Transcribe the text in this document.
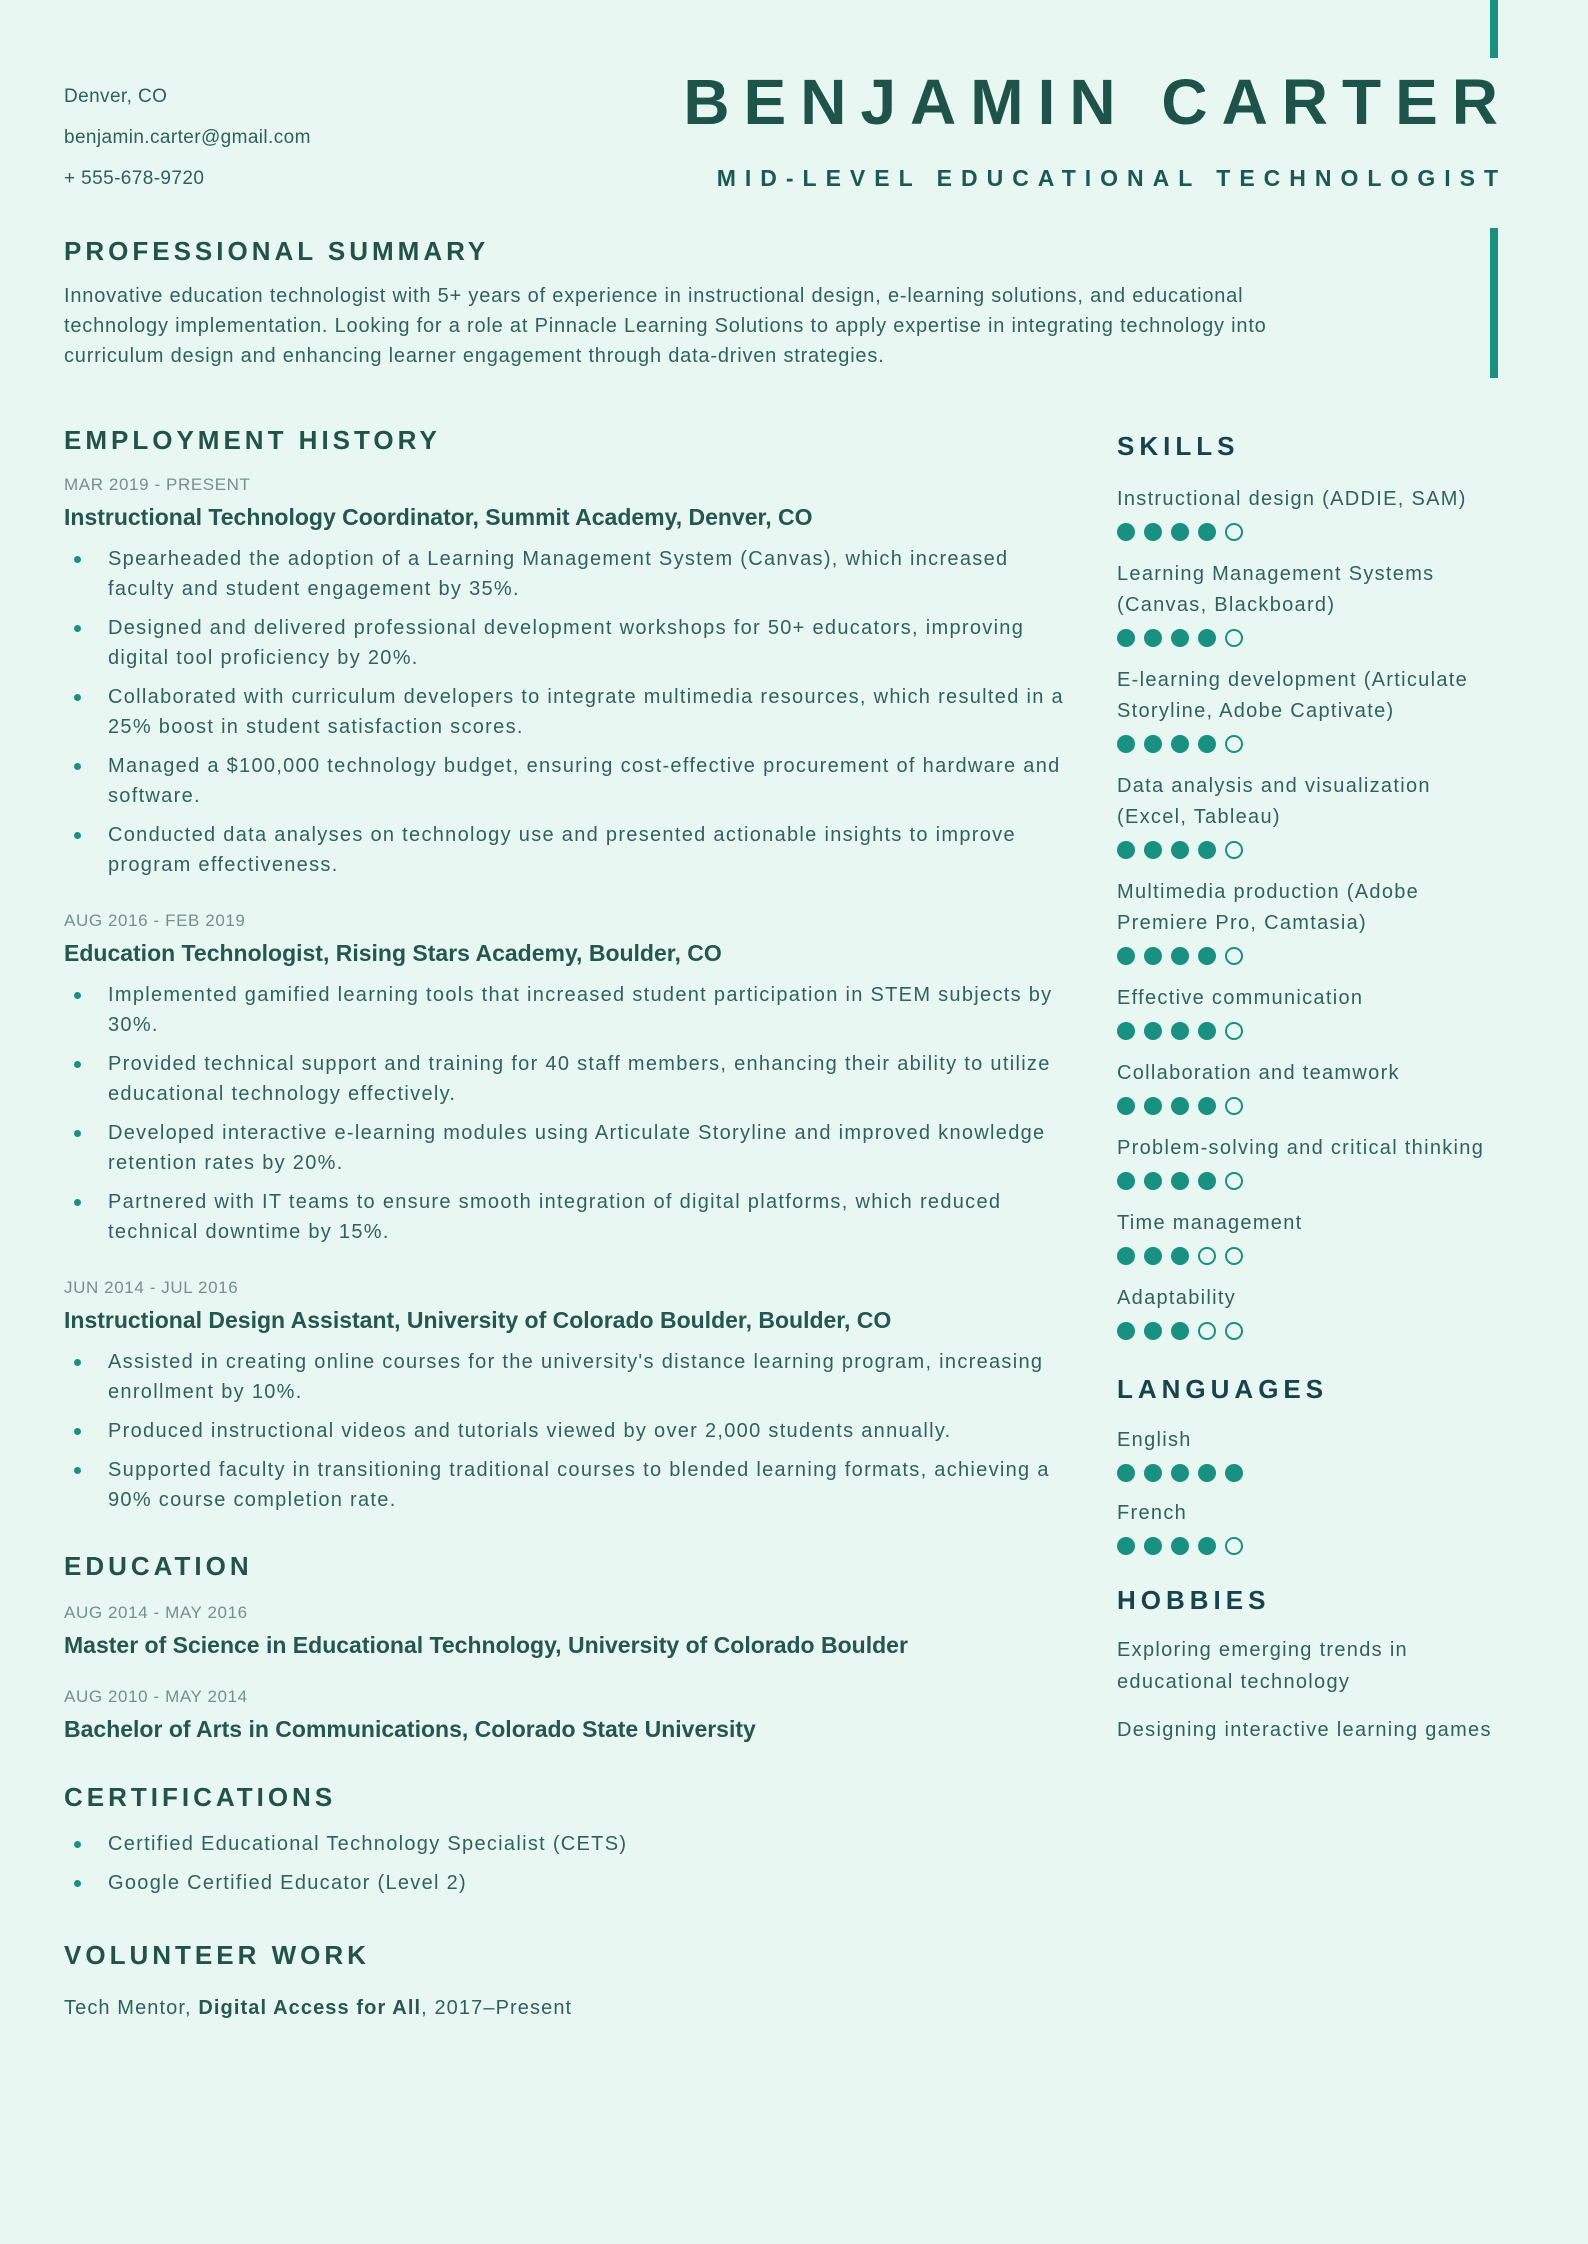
Denver, CO
benjamin.carter@gmail.com
+ 555-678-9720
BENJAMIN CARTER
MID-LEVEL EDUCATIONAL TECHNOLOGIST
PROFESSIONAL SUMMARY

Innovative education technologist with 5+ years of experience in instructional design, e-learning solutions, and educational technology implementation. Looking for a role at Pinnacle Learning Solutions to apply expertise in integrating technology into curriculum design and enhancing learner engagement through data-driven strategies.

EMPLOYMENT HISTORY
MAR 2019 - PRESENT
Instructional Technology Coordinator, Summit Academy, Denver, CO
Spearheaded the adoption of a Learning Management System (Canvas), which increased faculty and student engagement by 35%.
Designed and delivered professional development workshops for 50+ educators, improving digital tool proficiency by 20%.
Collaborated with curriculum developers to integrate multimedia resources, which resulted in a 25% boost in student satisfaction scores.
Managed a $100,000 technology budget, ensuring cost-effective procurement of hardware and software.
Conducted data analyses on technology use and presented actionable insights to improve program effectiveness.
AUG 2016 - FEB 2019
Education Technologist, Rising Stars Academy, Boulder, CO
Implemented gamified learning tools that increased student participation in STEM subjects by 30%.
Provided technical support and training for 40 staff members, enhancing their ability to utilize educational technology effectively.
Developed interactive e-learning modules using Articulate Storyline and improved knowledge retention rates by 20%.
Partnered with IT teams to ensure smooth integration of digital platforms, which reduced technical downtime by 15%.
JUN 2014 - JUL 2016
Instructional Design Assistant, University of Colorado Boulder, Boulder, CO
Assisted in creating online courses for the university's distance learning program, increasing enrollment by 10%.
Produced instructional videos and tutorials viewed by over 2,000 students annually.
Supported faculty in transitioning traditional courses to blended learning formats, achieving a 90% course completion rate.
EDUCATION
AUG 2014 - MAY 2016
Master of Science in Educational Technology, University of Colorado Boulder
AUG 2010 - MAY 2014
Bachelor of Arts in Communications, Colorado State University
CERTIFICATIONS
Certified Educational Technology Specialist (CETS)
Google Certified Educator (Level 2)
VOLUNTEER WORK

Tech Mentor, Digital Access for All, 2017–Present

SKILLS
Instructional design (ADDIE, SAM)
Learning Management Systems (Canvas, Blackboard)
E-learning development (Articulate Storyline, Adobe Captivate)
Data analysis and visualization (Excel, Tableau)
Multimedia production (Adobe Premiere Pro, Camtasia)
Effective communication
Collaboration and teamwork
Problem-solving and critical thinking
Time management
Adaptability
LANGUAGES
English
French
HOBBIES

Exploring emerging trends in educational technology

Designing interactive learning games
